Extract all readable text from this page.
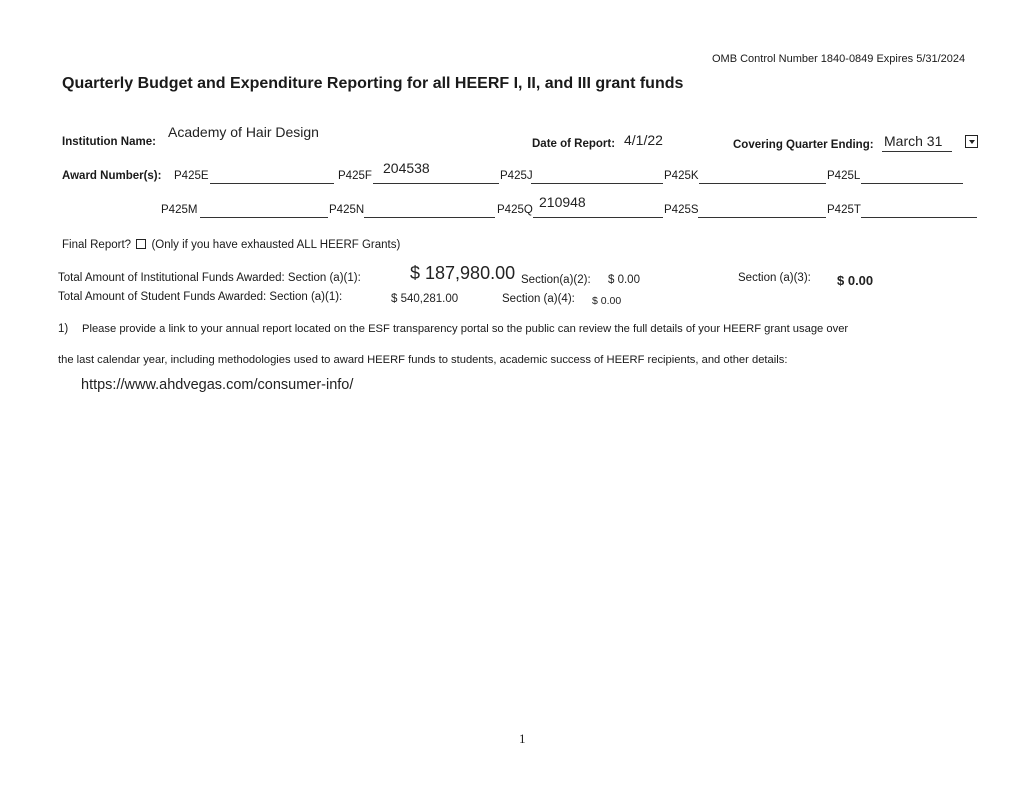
OMB Control Number 1840-0849 Expires 5/31/2024
Quarterly Budget and Expenditure Reporting for all HEERF I, II, and III grant funds
Institution Name:
Academy of Hair Design
Date of Report: 4/1/22	Covering Quarter Ending: March 31
Award Number(s): P425E	P425F 204538	P425J	P425K	P425L
P425M	P425N	P425Q 210948	P425S	P425T
Final Report? (Only if you have exhausted ALL HEERF Grants)
Total Amount of Institutional Funds Awarded: Section (a)(1):	$ 187,980.00 Section(a)(2): $ 0.00	Section (a)(3): $ 0.00
Total Amount of Student Funds Awarded: Section (a)(1):	$ 540,281.00	Section (a)(4): $ 0.00
1) Please provide a link to your annual report located on the ESF transparency portal so the public can review the full details of your HEERF grant usage over
the last calendar year, including methodologies used to award HEERF funds to students, academic success of HEERF recipients, and other details:
https://www.ahdvegas.com/consumer-info/
1
